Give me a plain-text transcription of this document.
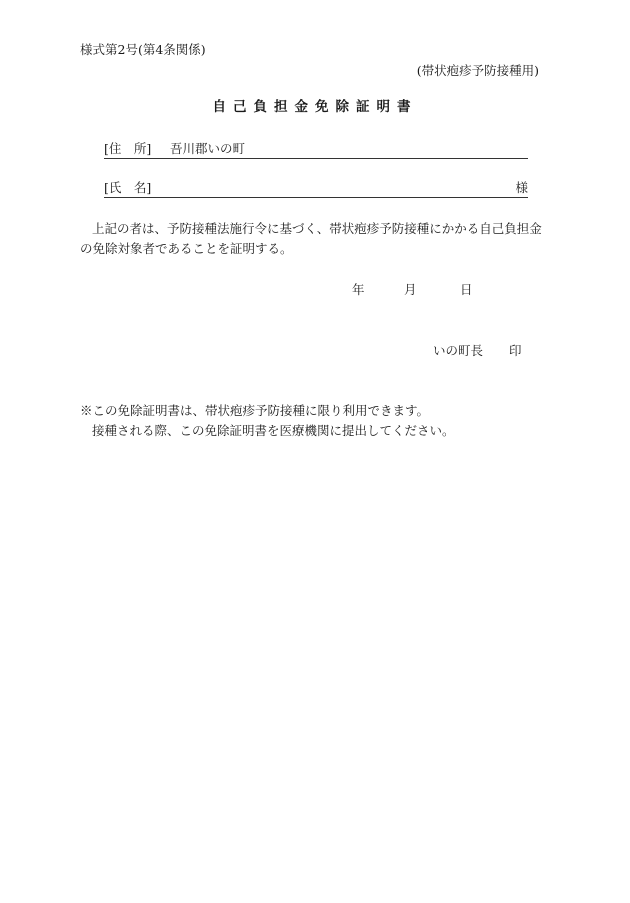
様式第2号(第4条関係)
(帯状疱疹予防接種用)
自己負担金免除証明書
[住　所] 吾川郡いの町
[氏　名]	様

上記の者は、予防接種法施行令に基づく、帯状疱疹予防接種にかかる自己負担金の免除対象者であることを証明する。

年	月	日
いの町長 印
※この免除証明書は、帯状疱疹予防接種に限り利用できます。
接種される際、この免除証明書を医療機関に提出してください。
